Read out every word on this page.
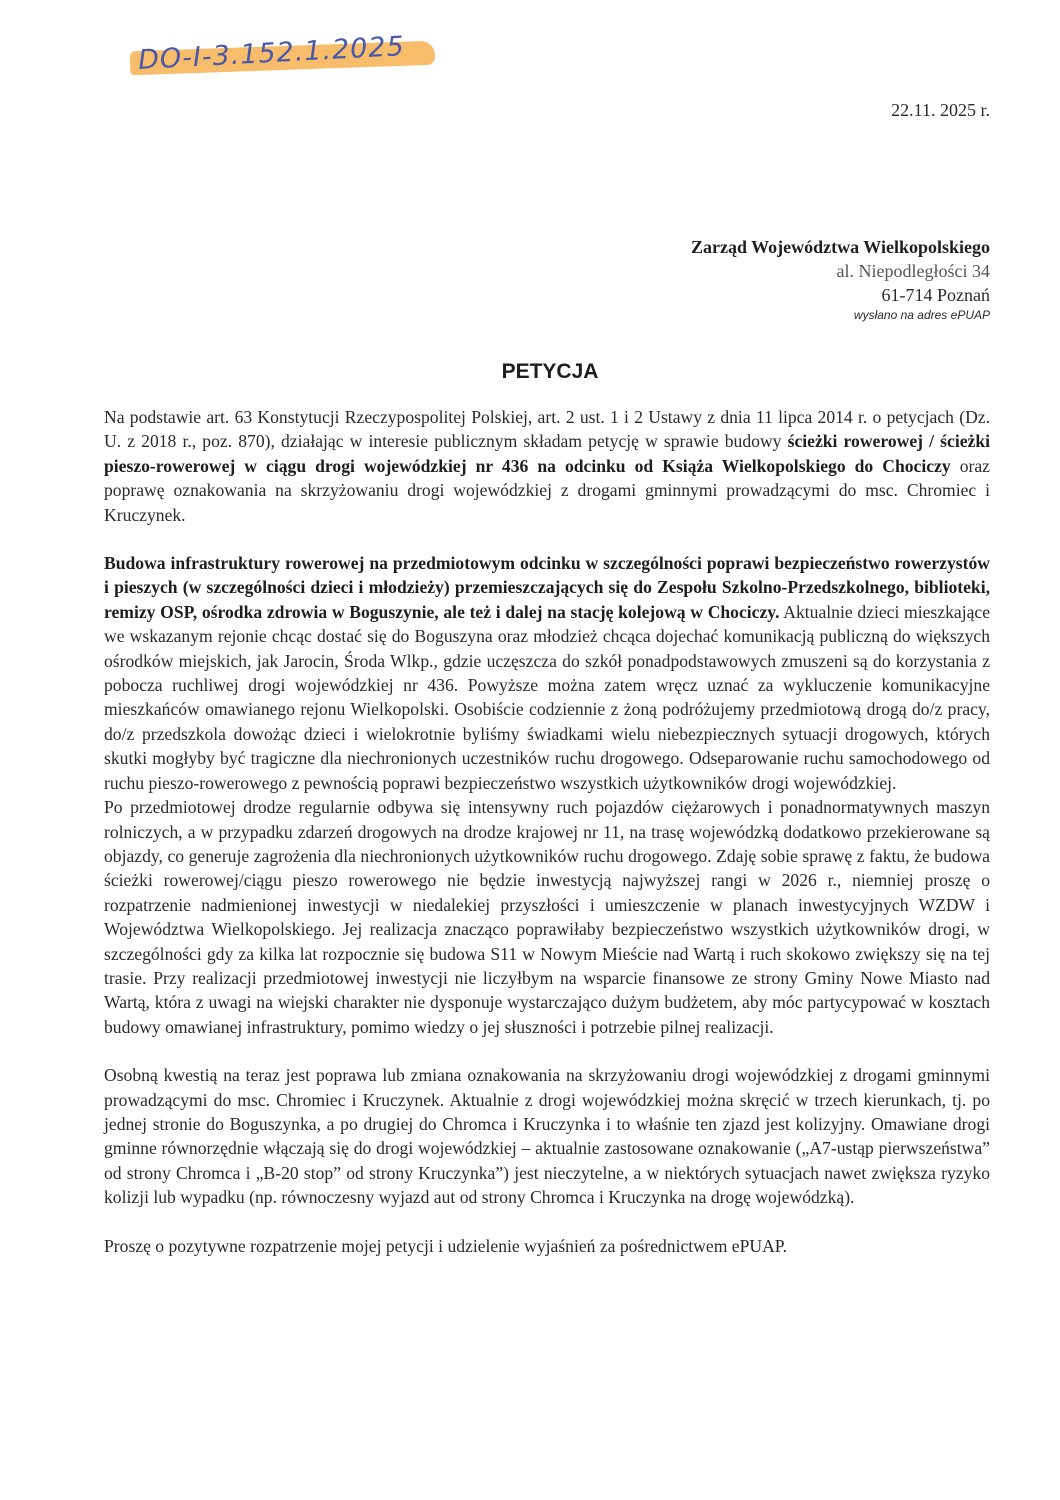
DO-I-3.152.1.2025
22.11. 2025 r.
Zarząd Województwa Wielkopolskiego
al. Niepodległości 34
61-714 Poznań
wysłano na adres ePUAP
PETYCJA

Na podstawie art. 63 Konstytucji Rzeczypospolitej Polskiej, art. 2 ust. 1 i 2 Ustawy z dnia 11 lipca 2014 r. o petycjach (Dz. U. z 2018 r., poz. 870), działając w interesie publicznym składam petycję w sprawie budowy ścieżki rowerowej / ścieżki pieszo-rowerowej w ciągu drogi wojewódzkiej nr 436 na odcinku od Książa Wielkopolskiego do Chociczy oraz poprawę oznakowania na skrzyżowaniu drogi wojewódzkiej z drogami gminnymi prowadzącymi do msc. Chromiec i Kruczynek.

Budowa infrastruktury rowerowej na przedmiotowym odcinku w szczególności poprawi bezpieczeństwo rowerzystów i pieszych (w szczególności dzieci i młodzieży) przemieszczających się do Zespołu Szkolno-Przedszkolnego, biblioteki, remizy OSP, ośrodka zdrowia w Boguszynie, ale też i dalej na stację kolejową w Chociczy. Aktualnie dzieci mieszkające we wskazanym rejonie chcąc dostać się do Boguszyna oraz młodzież chcąca dojechać komunikacją publiczną do większych ośrodków miejskich, jak Jarocin, Środa Wlkp., gdzie uczęszcza do szkół ponadpodstawowych zmuszeni są do korzystania z pobocza ruchliwej drogi wojewódzkiej nr 436. Powyższe można zatem wręcz uznać za wykluczenie komunikacyjne mieszkańców omawianego rejonu Wielkopolski. Osobiście codziennie z żoną podróżujemy przedmiotową drogą do/z pracy, do/z przedszkola dowożąc dzieci i wielokrotnie byliśmy świadkami wielu niebezpiecznych sytuacji drogowych, których skutki mogłyby być tragiczne dla niechronionych uczestników ruchu drogowego. Odseparowanie ruchu samochodowego od ruchu pieszo-rowerowego z pewnością poprawi bezpieczeństwo wszystkich użytkowników drogi wojewódzkiej.

Po przedmiotowej drodze regularnie odbywa się intensywny ruch pojazdów ciężarowych i ponadnormatywnych maszyn rolniczych, a w przypadku zdarzeń drogowych na drodze krajowej nr 11, na trasę wojewódzką dodatkowo przekierowane są objazdy, co generuje zagrożenia dla niechronionych użytkowników ruchu drogowego. Zdaję sobie sprawę z faktu, że budowa ścieżki rowerowej/ciągu pieszo rowerowego nie będzie inwestycją najwyższej rangi w 2026 r., niemniej proszę o rozpatrzenie nadmienionej inwestycji w niedalekiej przyszłości i umieszczenie w planach inwestycyjnych WZDW i Województwa Wielkopolskiego. Jej realizacja znacząco poprawiłaby bezpieczeństwo wszystkich użytkowników drogi, w szczególności gdy za kilka lat rozpocznie się budowa S11 w Nowym Mieście nad Wartą i ruch skokowo zwiększy się na tej trasie. Przy realizacji przedmiotowej inwestycji nie liczyłbym na wsparcie finansowe ze strony Gminy Nowe Miasto nad Wartą, która z uwagi na wiejski charakter nie dysponuje wystarczająco dużym budżetem, aby móc partycypować w kosztach budowy omawianej infrastruktury, pomimo wiedzy o jej słuszności i potrzebie pilnej realizacji.

Osobną kwestią na teraz jest poprawa lub zmiana oznakowania na skrzyżowaniu drogi wojewódzkiej z drogami gminnymi prowadzącymi do msc. Chromiec i Kruczynek. Aktualnie z drogi wojewódzkiej można skręcić w trzech kierunkach, tj. po jednej stronie do Boguszynka, a po drugiej do Chromca i Kruczynka i to właśnie ten zjazd jest kolizyjny. Omawiane drogi gminne równorzędnie włączają się do drogi wojewódzkiej – aktualnie zastosowane oznakowanie („A7-ustąp pierwszeństwa” od strony Chromca i „B-20 stop” od strony Kruczynka”) jest nieczytelne, a w niektórych sytuacjach nawet zwiększa ryzyko kolizji lub wypadku (np. równoczesny wyjazd aut od strony Chromca i Kruczynka na drogę wojewódzką).

Proszę o pozytywne rozpatrzenie mojej petycji i udzielenie wyjaśnień za pośrednictwem ePUAP.
